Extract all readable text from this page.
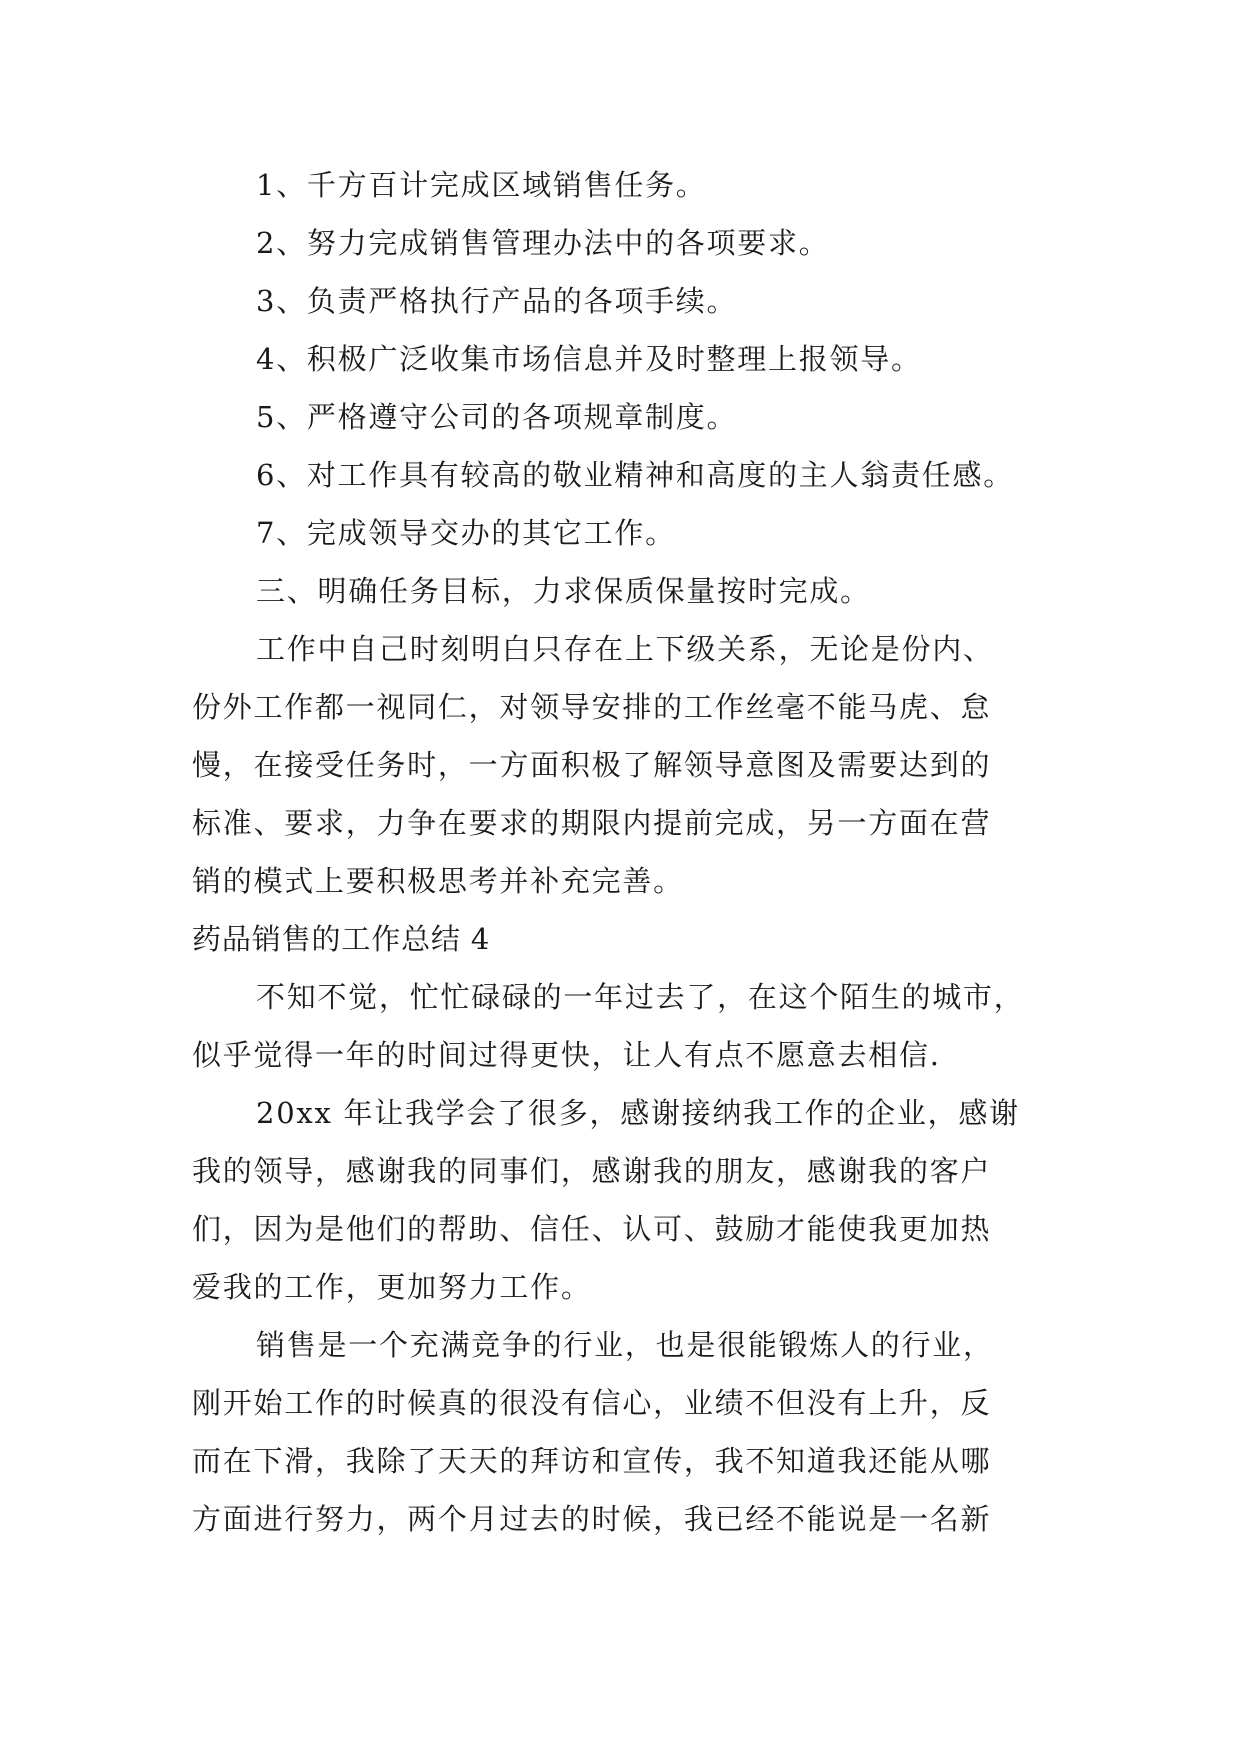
1、千方百计完成区域销售任务。
2、努力完成销售管理办法中的各项要求。
3、负责严格执行产品的各项手续。
4、积极广泛收集市场信息并及时整理上报领导。
5、严格遵守公司的各项规章制度。
6、对工作具有较高的敬业精神和高度的主人翁责任感。
7、完成领导交办的其它工作。
三、明确任务目标，力求保质保量按时完成。
工作中自己时刻明白只存在上下级关系，无论是份内、
份外工作都一视同仁，对领导安排的工作丝毫不能马虎、怠
慢，在接受任务时，一方面积极了解领导意图及需要达到的
标准、要求，力争在要求的期限内提前完成，另一方面在营
销的模式上要积极思考并补充完善。
药品销售的工作总结 4
不知不觉，忙忙碌碌的一年过去了，在这个陌生的城市，
似乎觉得一年的时间过得更快，让人有点不愿意去相信.
20xx 年让我学会了很多，感谢接纳我工作的企业，感谢
我的领导，感谢我的同事们，感谢我的朋友，感谢我的客户
们，因为是他们的帮助、信任、认可、鼓励才能使我更加热
爱我的工作，更加努力工作。
销售是一个充满竞争的行业，也是很能锻炼人的行业，
刚开始工作的时候真的很没有信心，业绩不但没有上升，反
而在下滑，我除了天天的拜访和宣传，我不知道我还能从哪
方面进行努力，两个月过去的时候，我已经不能说是一名新
